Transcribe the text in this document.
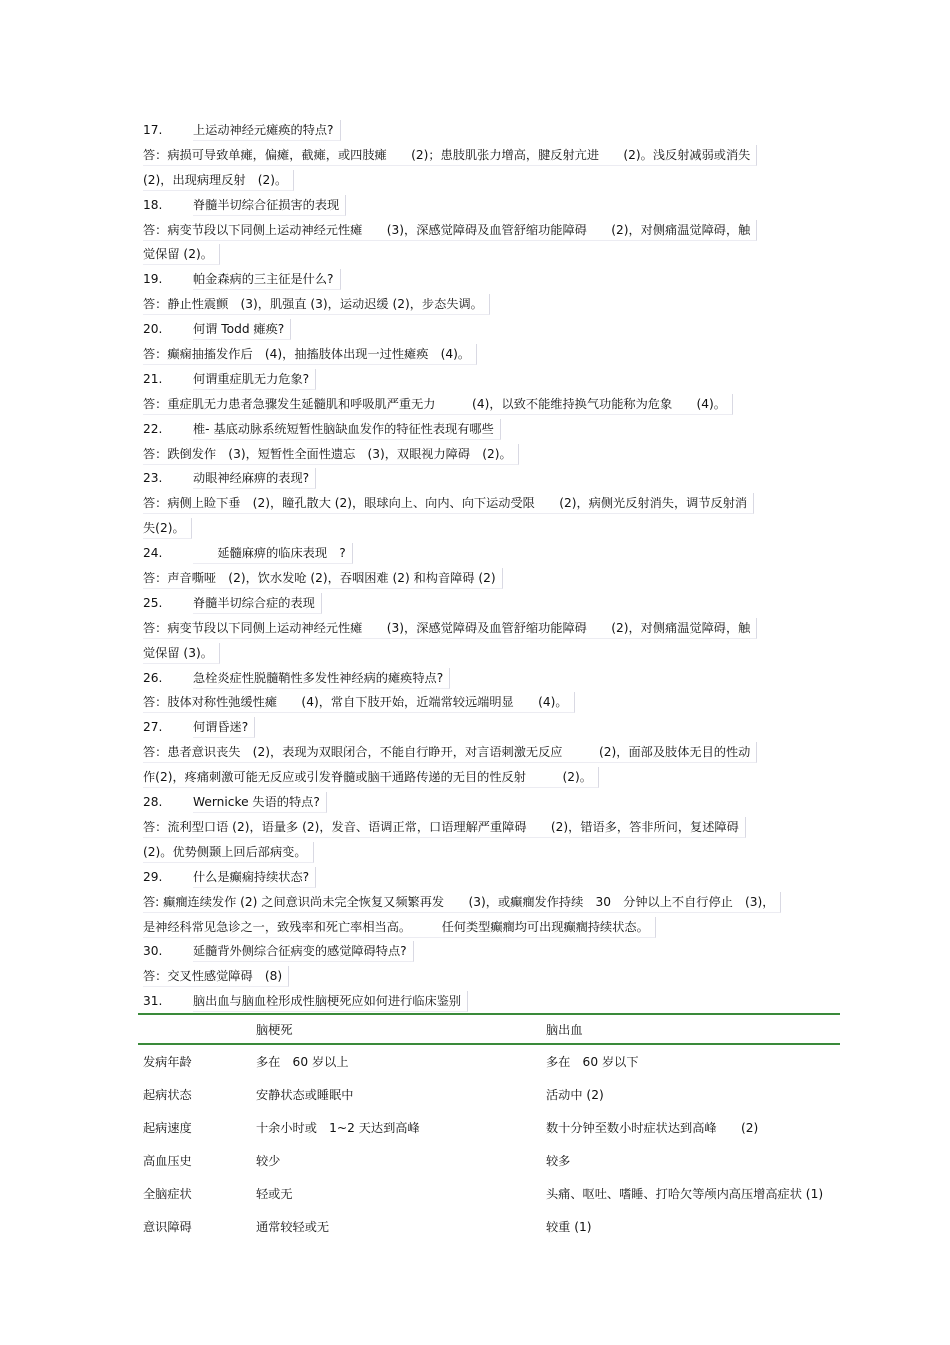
17.	上运动神经元瘫痪的特点?
答：病损可导致单瘫，偏瘫，截瘫，或四肢瘫　　(2)；患肢肌张力增高，腱反射亢进　　(2)。浅反射减弱或消失
(2)，出现病理反射　(2)。
18.	脊髓半切综合征损害的表现
答：病变节段以下同侧上运动神经元性瘫　　(3)，深感觉障碍及血管舒缩功能障碍　　(2)，对侧痛温觉障碍，触
觉保留 (2)。
19.	帕金森病的三主征是什么?
答：静止性震颤　(3)，肌强直 (3)，运动迟缓 (2)，步态失调。
20.	何谓 Todd 瘫痪?
答：癫痫抽搐发作后　(4)，抽搐肢体出现一过性瘫痪　(4)。
21.	何谓重症肌无力危象?
答：重症肌无力患者急骤发生延髓肌和呼吸肌严重无力　　　(4)，以致不能维持换气功能称为危象　　(4)。
22.	椎- 基底动脉系统短暂性脑缺血发作的特征性表现有哪些
答：跌倒发作　(3)，短暂性全面性遗忘　(3)，双眼视力障碍　(2)。
23.	动眼神经麻痹的表现?
答：病侧上睑下垂　(2)，瞳孔散大 (2)，眼球向上、向内、向下运动受限　　(2)，病侧光反射消失，调节反射消
失(2)。
24.	　　延髓麻痹的临床表现　?
答：声音嘶哑　(2)，饮水发呛 (2)，吞咽困难 (2) 和构音障碍 (2)
25.	脊髓半切综合症的表现
答：病变节段以下同侧上运动神经元性瘫　　(3)，深感觉障碍及血管舒缩功能障碍　　(2)，对侧痛温觉障碍，触
觉保留 (3)。
26.	急栓炎症性脱髓鞘性多发性神经病的瘫痪特点?
答：肢体对称性弛缓性瘫　　(4)，常自下肢开始，近端常较远端明显　　(4)。
27.	何谓昏迷?
答：患者意识丧失　(2)，表现为双眼闭合，不能自行睁开，对言语刺激无反应　　　(2)，面部及肢体无目的性动
作(2)，疼痛刺激可能无反应或引发脊髓或脑干通路传递的无目的性反射　　　(2)。
28.	Wernicke 失语的特点?
答：流利型口语 (2)，语量多 (2)，发音、语调正常，口语理解严重障碍　　(2)，错语多，答非所问，复述障碍
(2)。优势侧颞上回后部病变。
29.	什么是癫痫持续状态?
答: 癫癎连续发作 (2) 之间意识尚未完全恢复又频繁再发　　(3)，或癫癎发作持续　30　分钟以上不自行停止　(3)，
是神经科常见急诊之一，致残率和死亡率相当高。　　　任何类型癫癎均可出现癫癎持续状态。
30.	延髓背外侧综合征病变的感觉障碍特点?
答：交叉性感觉障碍　(8)
31.	脑出血与脑血栓形成性脑梗死应如何进行临床鉴别
	脑梗死	脑出血
发病年龄	多在　60 岁以上	多在　60 岁以下
起病状态	安静状态或睡眠中	活动中 (2)
起病速度	十余小时或　1~2 天达到高峰	数十分钟至数小时症状达到高峰　　(2)
高血压史	较少	较多
全脑症状	轻或无	头痛、呕吐、嗜睡、打哈欠等颅内高压增高症状 (1)
意识障碍	通常较轻或无	较重 (1)
